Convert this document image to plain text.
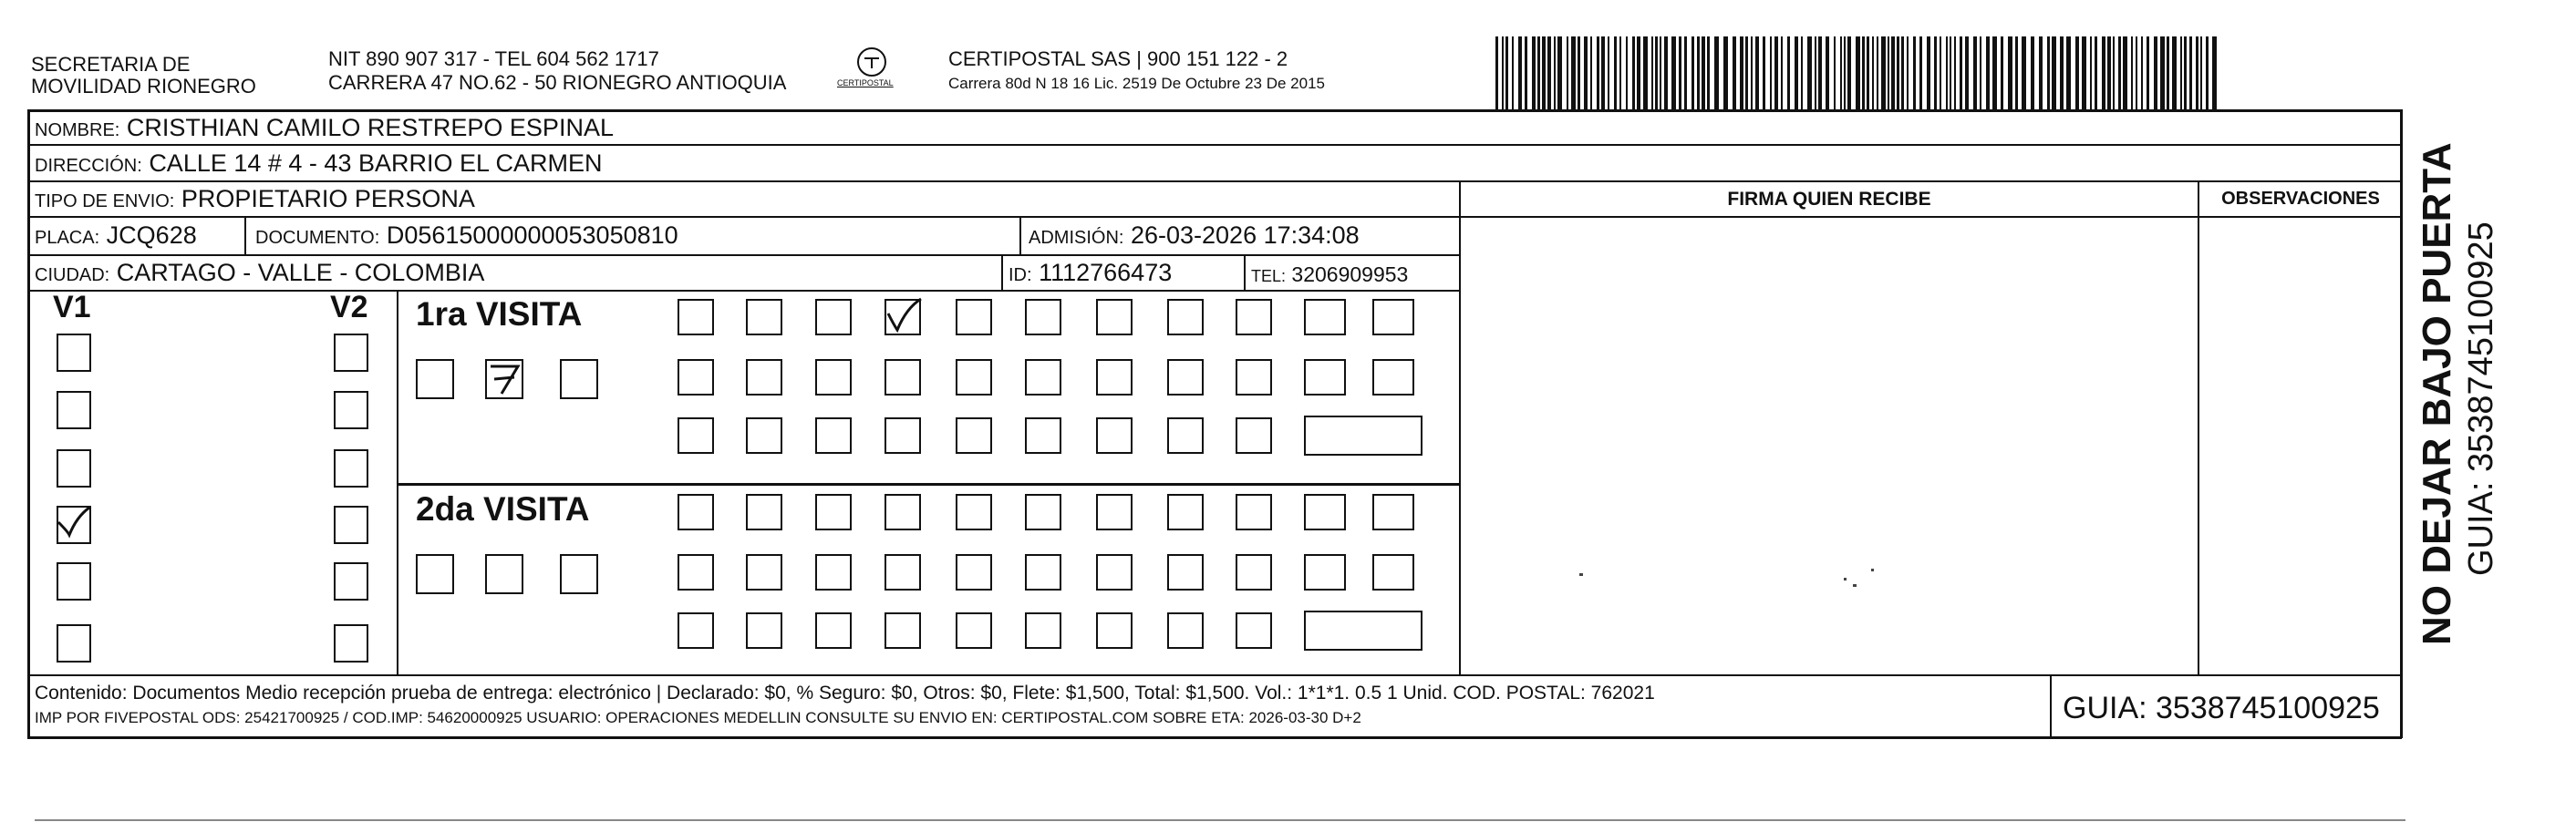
SECRETARIA DE
MOVILIDAD RIONEGRO
NIT 890 907 317 - TEL 604 562 1717
CARRERA 47 NO.62 - 50 RIONEGRO ANTIOQUIA	CERTIPOSTAL
CERTIPOSTAL SAS | 900 151 122 - 2
Carrera 80d N 18 16 Lic. 2519 De Octubre 23 De 2015
NOMBRE: CRISTHIAN CAMILO RESTREPO ESPINAL
DIRECCIÓN: CALLE 14 # 4 - 43 BARRIO EL CARMEN
TIPO DE ENVIO: PROPIETARIO PERSONA
PLACA: JCQ628	DOCUMENTO: D05615000000053050810	ADMISIÓN: 26-03-2026 17:34:08
CIUDAD: CARTAGO - VALLE - COLOMBIA	ID: 1112766473	TEL: 3206909953
FIRMA QUIEN RECIBE	OBSERVACIONES
V1	V2 1ra VISITA
2da VISITA
Contenido: Documentos Medio recepción prueba de entrega: electrónico | Declarado: $0, % Seguro: $0, Otros: $0, Flete: $1,500, Total: $1,500. Vol.: 1*1*1. 0.5 1 Unid. COD. POSTAL: 762021
IMP POR FIVEPOSTAL ODS: 25421700925 / COD.IMP: 54620000925 USUARIO: OPERACIONES MEDELLIN CONSULTE SU ENVIO EN: CERTIPOSTAL.COM SOBRE ETA: 2026-03-30 D+2	GUIA: 3538745100925
NO DEJAR BAJO PUERTA GUIA: 3538745100925
